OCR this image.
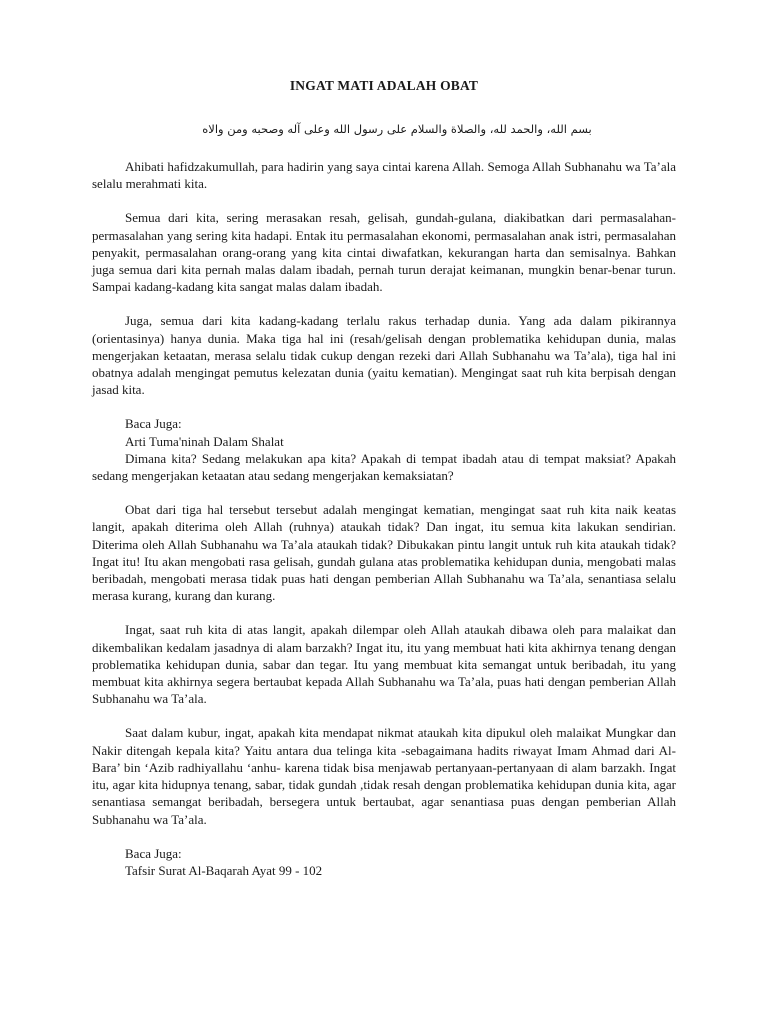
INGAT MATI ADALAH OBAT
بسم الله، والحمد لله، والصلاة والسلام على رسول الله وعلى آله وصحبه ومن والاه

Ahibati hafidzakumullah, para hadirin yang saya cintai karena Allah. Semoga Allah Subhanahu wa Ta’ala selalu merahmati kita.

Semua dari kita, sering merasakan resah, gelisah, gundah-gulana, diakibatkan dari permasalahan-permasalahan yang sering kita hadapi. Entak itu permasalahan ekonomi, permasalahan anak istri, permasalahan penyakit, permasalahan orang-orang yang kita cintai diwafatkan, kekurangan harta dan semisalnya. Bahkan juga semua dari kita pernah malas dalam ibadah, pernah turun derajat keimanan, mungkin benar-benar turun. Sampai kadang-kadang kita sangat malas dalam ibadah.

Juga, semua dari kita kadang-kadang terlalu rakus terhadap dunia. Yang ada dalam pikirannya (orientasinya) hanya dunia. Maka tiga hal ini (resah/gelisah dengan problematika kehidupan dunia, malas mengerjakan ketaatan, merasa selalu tidak cukup dengan rezeki dari Allah Subhanahu wa Ta’ala), tiga hal ini obatnya adalah mengingat pemutus kelezatan dunia (yaitu kematian). Mengingat saat ruh kita berpisah dengan jasad kita.

Baca Juga:

Arti Tuma'ninah Dalam Shalat

Dimana kita? Sedang melakukan apa kita? Apakah di tempat ibadah atau di tempat maksiat? Apakah sedang mengerjakan ketaatan atau sedang mengerjakan kemaksiatan?

Obat dari tiga hal tersebut tersebut adalah mengingat kematian, mengingat saat ruh kita naik keatas langit, apakah diterima oleh Allah (ruhnya) ataukah tidak? Dan ingat, itu semua kita lakukan sendirian. Diterima oleh Allah Subhanahu wa Ta’ala ataukah tidak? Dibukakan pintu langit untuk ruh kita ataukah tidak? Ingat itu! Itu akan mengobati rasa gelisah, gundah gulana atas problematika kehidupan dunia, mengobati malas beribadah, mengobati merasa tidak puas hati dengan pemberian Allah Subhanahu wa Ta’ala, senantiasa selalu merasa kurang, kurang dan kurang.

Ingat, saat ruh kita di atas langit, apakah dilempar oleh Allah ataukah dibawa oleh para malaikat dan dikembalikan kedalam jasadnya di alam barzakh? Ingat itu, itu yang membuat hati kita akhirnya tenang dengan problematika kehidupan dunia, sabar dan tegar. Itu yang membuat kita semangat untuk beribadah, itu yang membuat kita akhirnya segera bertaubat kepada Allah Subhanahu wa Ta’ala, puas hati dengan pemberian Allah Subhanahu wa Ta’ala.

Saat dalam kubur, ingat, apakah kita mendapat nikmat ataukah kita dipukul oleh malaikat Mungkar dan Nakir ditengah kepala kita? Yaitu antara dua telinga kita -sebagaimana hadits riwayat Imam Ahmad dari Al-Bara’ bin ‘Azib radhiyallahu ‘anhu- karena tidak bisa menjawab pertanyaan-pertanyaan di alam barzakh. Ingat itu, agar kita hidupnya tenang, sabar, tidak gundah ,tidak resah dengan problematika kehidupan dunia kita, agar senantiasa semangat beribadah, bersegera untuk bertaubat, agar senantiasa puas dengan pemberian Allah Subhanahu wa Ta’ala.

Baca Juga:

Tafsir Surat Al-Baqarah Ayat 99 - 102
